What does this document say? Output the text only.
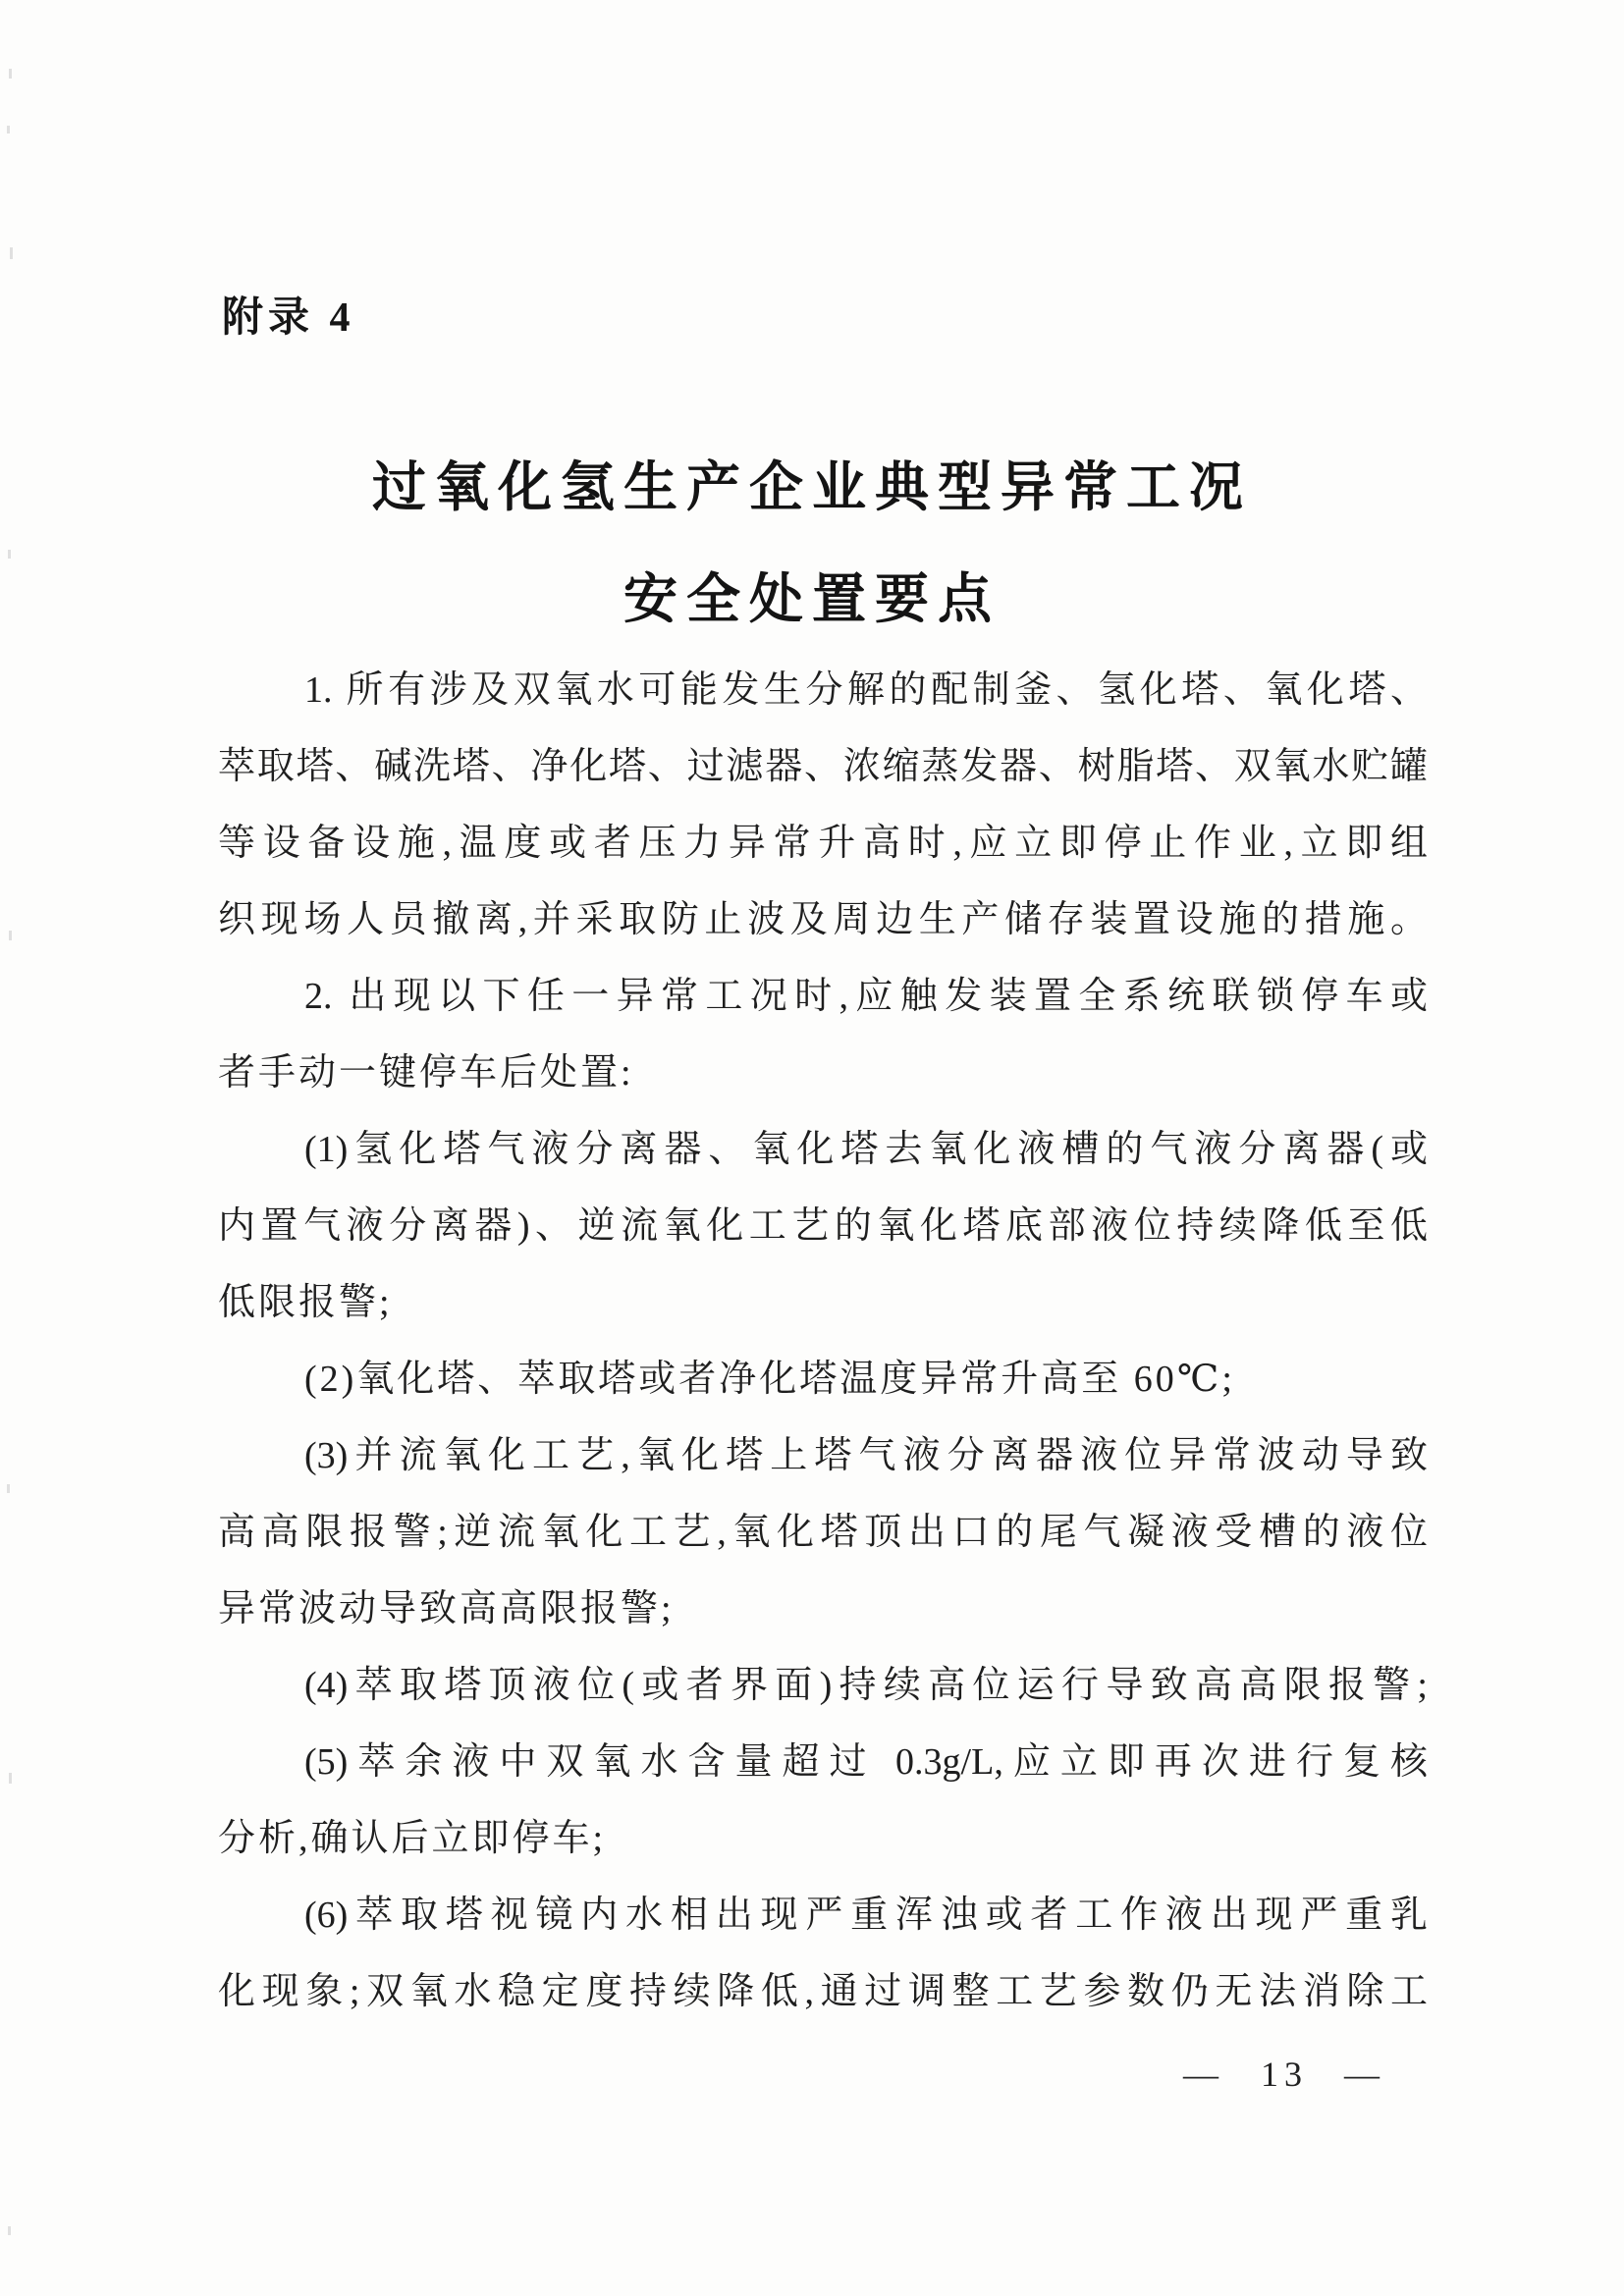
附录 4
过氧化氢生产企业典型异常工况
安全处置要点
1. 所有涉及双氧水可能发生分解的配制釜、氢化塔、氧化塔、
萃取塔、碱洗塔、净化塔、过滤器、浓缩蒸发器、树脂塔、双氧水贮罐
等设备设施,温度或者压力异常升高时,应立即停止作业,立即组
织现场人员撤离,并采取防止波及周边生产储存装置设施的措施。
2. 出现以下任一异常工况时,应触发装置全系统联锁停车或
者手动一键停车后处置:
(1)氢化塔气液分离器、氧化塔去氧化液槽的气液分离器(或
内置气液分离器)、逆流氧化工艺的氧化塔底部液位持续降低至低
低限报警;
(2)氧化塔、萃取塔或者净化塔温度异常升高至 60℃;
(3)并流氧化工艺,氧化塔上塔气液分离器液位异常波动导致
高高限报警;逆流氧化工艺,氧化塔顶出口的尾气凝液受槽的液位
异常波动导致高高限报警;
(4)萃取塔顶液位(或者界面)持续高位运行导致高高限报警;
(5)萃余液中双氧水含量超过 0.3g/L,应立即再次进行复核
分析,确认后立即停车;
(6)萃取塔视镜内水相出现严重浑浊或者工作液出现严重乳
化现象;双氧水稳定度持续降低,通过调整工艺参数仍无法消除工
— 13 —
